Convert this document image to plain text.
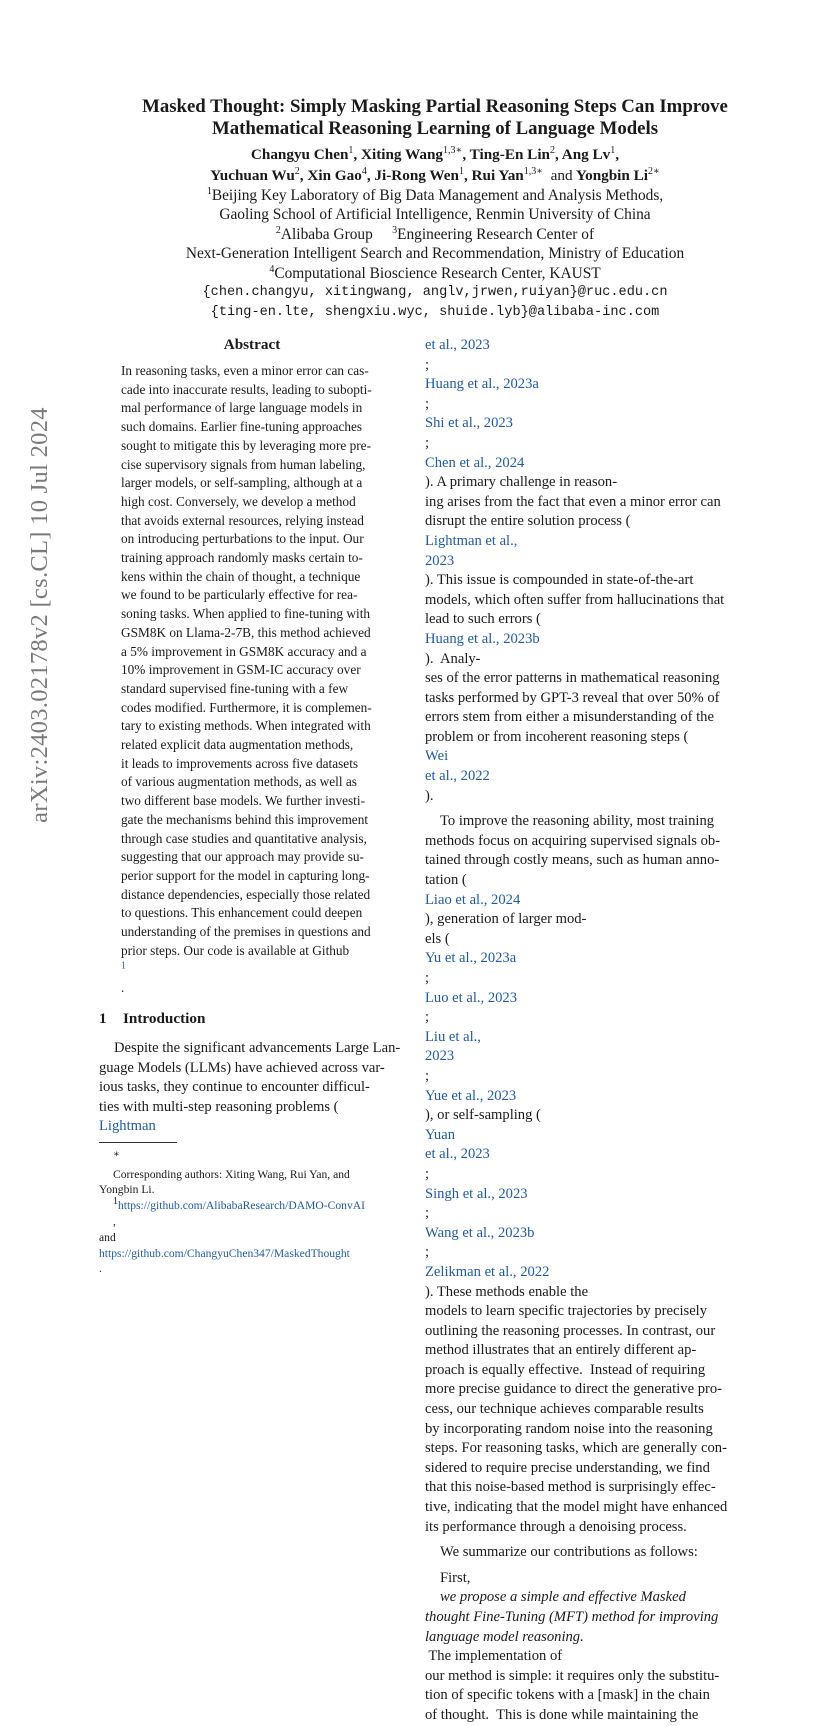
arXiv:2403.02178v2 [cs.CL] 10 Jul 2024
Masked Thought: Simply Masking Partial Reasoning Steps Can Improve
Mathematical Reasoning Learning of Language Models
Changyu Chen$^1$, Xiting Wang$^{1,3∗}$, Ting-En Lin$^2$, Ang Lv$^1$,
Yuchuan Wu$^2$, Xin Gao$^4$, Ji-Rong Wen$^1$, Rui Yan$^{1,3∗}$ and Yongbin $Li^{2∗}$
$^1$Beijing Key Laboratory of Big Data Management and Analysis Methods,
Gaoling School of Artificial Intelligence, Renmin University of China
$^2$Alibaba Group $^3$Engineering Research Center of
Next-Generation Intelligent Search and Recommendation, Ministry of Education
$^4$Computational Bioscience Research Center, KAUST
{chen.changyu, xitingwang, anglv,jrwen,ruiyan}@ruc.edu.cn
{ting-en.lte, shengxiu.wyc, shuide.lyb}@alibaba-inc.com
Abstract
In reasoning tasks, even a minor error can cas-
cade into inaccurate results, leading to subopti-
mal performance of large language models in
such domains. Earlier fine-tuning approaches
sought to mitigate this by leveraging more pre-
cise supervisory signals from human labeling,
larger models, or self-sampling, although at a
high cost. Conversely, we develop a method
that avoids external resources, relying instead
on introducing perturbations to the input. Our
training approach randomly masks certain to-
kens within the chain of thought, a technique
we found to be particularly effective for rea-
soning tasks. When applied to fine-tuning with
GSM8K on Llama-2-7B, this method achieved
a 5% improvement in GSM8K accuracy and a
10% improvement in GSM-IC accuracy over
standard supervised fine-tuning with a few
codes modified. Furthermore, it is complemen-
tary to existing methods. When integrated with
related explicit data augmentation methods,
it leads to improvements across five datasets
of various augmentation methods, as well as
two different base models. We further investi-
gate the mechanisms behind this improvement
through case studies and quantitative analysis,
suggesting that our approach may provide su-
perior support for the model in capturing long-
distance dependencies, especially those related
to questions. This enhancement could deepen
understanding of the premises in questions and
prior steps. Our code is available at Github
$^1$
.
1 Introduction
Despite the significant advancements Large Lan-
guage Models (LLMs) have achieved across var-
ious tasks, they continue to encounter difficul-
ties with multi-step reasoning problems (
Lightman
∗
Corresponding authors: Xiting Wang, Rui Yan, and
Yongbin Li.
$^1$https://github.com/AlibabaResearch/DAMO-ConvAI
,
and
https://github.com/ChangyuChen347/MaskedThought
.

et al., 2023
;
Huang et al., 2023a
;
Shi et al., 2023
;
Chen et al., 2024
). A primary challenge in reason-
ing arises from the fact that even a minor error can
disrupt the entire solution process (
Lightman et al.,
2023
). This issue is compounded in state-of-the-art
models, which often suffer from hallucinations that
lead to such errors (
Huang et al., 2023b
).  Analy-
ses of the error patterns in mathematical reasoning
tasks performed by GPT-3 reveal that over 50% of
errors stem from either a misunderstanding of the
problem or from incoherent reasoning steps (
Wei
et al., 2022
).

To improve the reasoning ability, most training
methods focus on acquiring supervised signals ob-
tained through costly means, such as human anno-
tation (
Liao et al., 2024
), generation of larger mod-
els (
Yu et al., 2023a
;
Luo et al., 2023
;
Liu et al.,
2023
;
Yue et al., 2023
), or self-sampling (
Yuan
et al., 2023
;
Singh et al., 2023
;
Wang et al., 2023b
;
Zelikman et al., 2022
). These methods enable the
models to learn specific trajectories by precisely
outlining the reasoning processes. In contrast, our
method illustrates that an entirely different ap-
proach is equally effective.  Instead of requiring
more precise guidance to direct the generative pro-
cess, our technique achieves comparable results
by incorporating random noise into the reasoning
steps. For reasoning tasks, which are generally con-
sidered to require precise understanding, we find
that this noise-based method is surprisingly effec-
tive, indicating that the model might have enhanced
its performance through a denoising process.

We summarize our contributions as follows:

First,
we propose a simple and effective Masked
thought Fine-Tuning (MFT) method for improving
language model reasoning.
The implementation of
our method is simple: it requires only the substitu-
tion of specific tokens with a [mask] in the chain
of thought.  This is done while maintaining the
